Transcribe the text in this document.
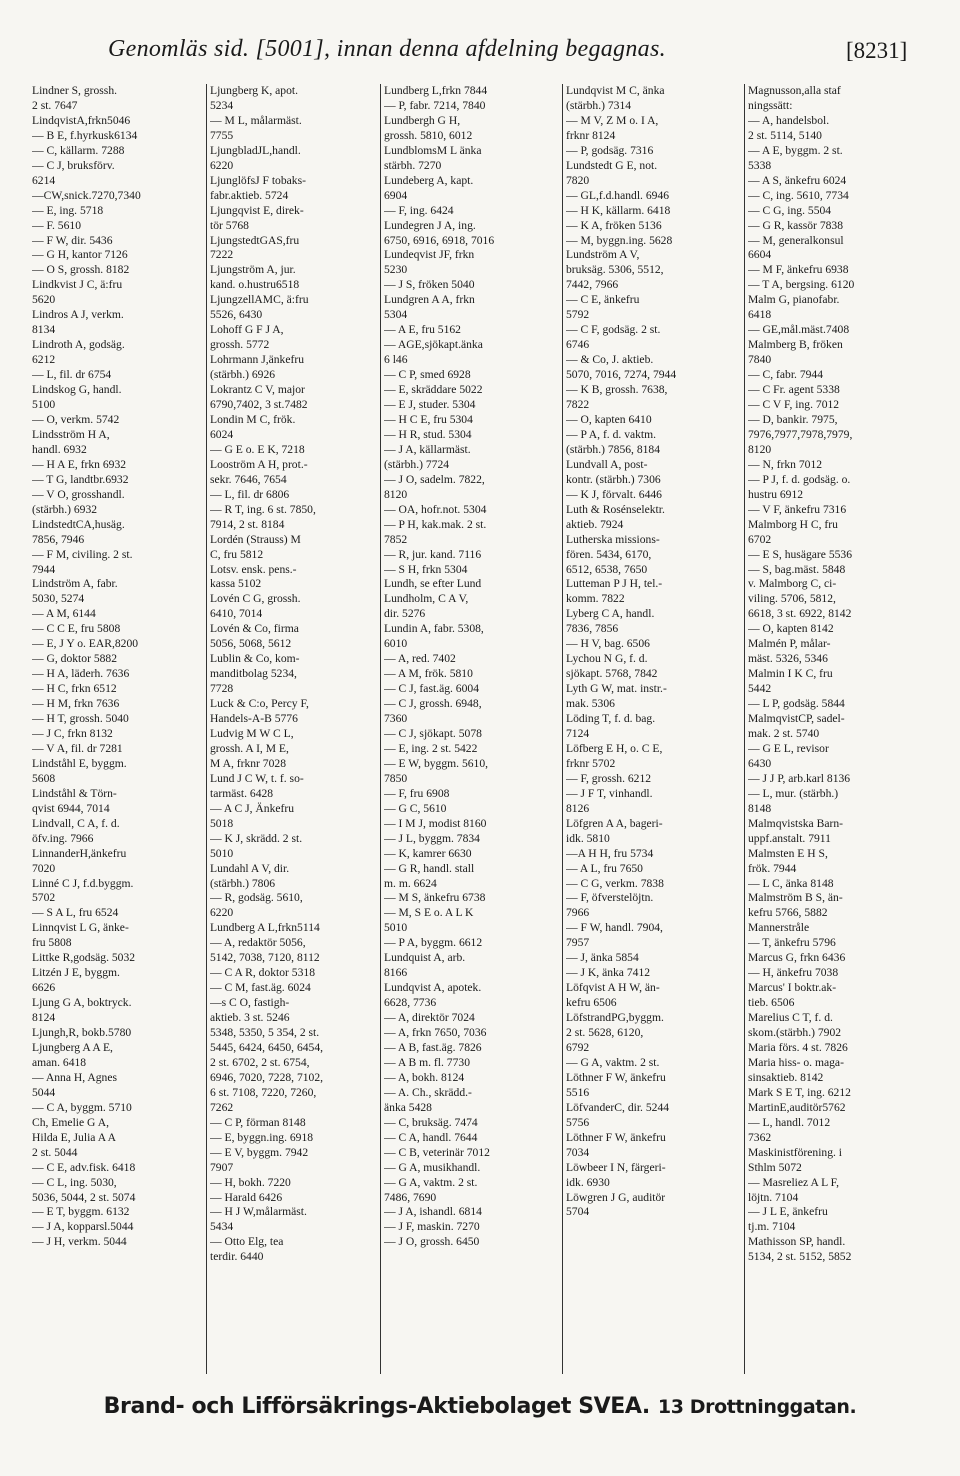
Genomläs sid. [5001], innan denna afdelning begagnas.	[8231]
Lindner S, grossh.
2 st. 7647
LindqvistA,frkn5046
— B E, f.hyrkusk6134
— C, källarm. 7288
— C J, bruksförv.
6214
—CW,snick.7270,7340
— E, ing. 5718
— F. 5610
— F W, dir. 5436
— G H, kantor 7126
— O S, grossh. 8182
Lindkvist J C, ä:fru
5620
Lindros A J, verkm.
8134
Lindroth A, godsäg.
6212
— L, fil. dr 6754
Lindskog G, handl.
5100
— O, verkm. 5742
Lindsström H A,
handl. 6932
— H A E, frkn 6932
— T G, landtbr.6932
— V O, grosshandl.
(stärbh.) 6932
LindstedtCA,husäg.
7856, 7946
— F M, civiling. 2 st.
7944
Lindström A, fabr.
5030, 5274
— A M, 6144
— C C E, fru 5808
— E, J Y o. EAR,8200
— G, doktor 5882
— H A, läderh. 7636
— H C, frkn 6512
— H M, frkn 7636
— H T, grossh. 5040
— J C, frkn 8132
— V A, fil. dr 7281
Lindståhl E, byggm.
5608
Lindståhl & Törn-
qvist 6944, 7014
Lindvall, C A, f. d.
öfv.ing. 7966
LinnanderH,änkefru
7020
Linné C J, f.d.byggm.
5702
— S A L, fru 6524
Linnqvist L G, änke-
fru 5808
Littke R,godsäg. 5032
Litzén J E, byggm.
6626
Ljung G A, boktryck.
8124
Ljungh,R, bokb.5780
Ljungberg A A E,
aman. 6418
— Anna H, Agnes
5044
— C A, byggm. 5710
Ch, Emelie G A,
Hilda E, Julia A A
2 st. 5044
— C E, adv.fisk. 6418
— C L, ing. 5030,
5036, 5044, 2 st. 5074
— E T, byggm. 6132
— J A, kopparsl.5044
— J H, verkm. 5044
Ljungberg K, apot.
5234
— M L, målarmäst.
7755
LjungbladJL,handl.
6220
LjunglöfsJ F tobaks-
fabr.aktieb. 5724
Ljungqvist E, direk-
tör 5768
LjungstedtGAS,fru
7222
Ljungström A, jur.
kand. o.hustru6518
LjungzellAMC, ä:fru
5526, 6430
Lohoff G F J A,
grossh. 5772
Lohrmann J,änkefru
(stärbh.) 6926
Lokrantz C V, major
6790,7402, 3 st.7482
Londin M C, frök.
6024
— G E o. E K, 7218
Looström A H, prot.-
sekr. 7646, 7654
— L, fil. dr 6806
— R T, ing. 6 st. 7850,
7914, 2 st. 8184
Lordén (Strauss) M
C, fru 5812
Lotsv. ensk. pens.-
kassa 5102
Lovén C G, grossh.
6410, 7014
Lovén & Co, firma
5056, 5068, 5612
Lublin & Co, kom-
manditbolag 5234,
7728
Luck & C:o, Percy F,
Handels-A-B 5776
Ludvig M W C L,
grossh. A I, M E,
M A, frknr 7028
Lund J C W, t. f. so-
tarmäst. 6428
— A C J, Änkefru
5018
— K J, skrädd. 2 st.
5010
Lundahl A V, dir.
(stärbh.) 7806
— R, godsäg. 5610,
6220
Lundberg A L,frkn5114
— A, redaktör 5056,
5142, 7038, 7120, 8112
— C A R, doktor 5318
— C M, fast.äg. 6024
—s C O, fastigh-
aktieb. 3 st. 5246
5348, 5350, 5 354, 2 st.
5445, 6424, 6450, 6454,
2 st. 6702, 2 st. 6754,
6946, 7020, 7228, 7102,
6 st. 7108, 7220, 7260,
7262
— C P, förman 8148
— E, byggn.ing. 6918
— E V, byggm. 7942
7907
— H, bokh. 7220
— Harald 6426
— H J W,målarmäst.
5434
— Otto Elg, tea
terdir. 6440
Lundberg L,frkn 7844
— P, fabr. 7214, 7840
Lundbergh G H,
grossh. 5810, 6012
LundblomsM L änka
stärbh. 7270
Lundeberg A, kapt.
6904
— F, ing. 6424
Lundegren J A, ing.
6750, 6916, 6918, 7016
Lundeqvist JF, frkn
5230
— J S, fröken 5040
Lundgren A A, frkn
5304
— A E, fru 5162
— AGE,sjökapt.änka
6 l46
— C P, smed 6928
— E, skräddare 5022
— E J, studer. 5304
— H C E, fru 5304
— H R, stud. 5304
— J A, källarmäst.
(stärbh.) 7724
— J O, sadelm. 7822,
8120
— OA, hofr.not. 5304
— P H, kak.mak. 2 st.
7852
— R, jur. kand. 7116
— S H, frkn 5304
Lundh, se efter Lund
Lundholm, C A V,
dir. 5276
Lundin A, fabr. 5308,
6010
— A, red. 7402
— A M, frök. 5810
— C J, fast.äg. 6004
— C J, grossh. 6948,
7360
— C J, sjökapt. 5078
— E, ing. 2 st. 5422
— E W, byggm. 5610,
7850
— F, fru 6908
— G C, 5610
— I M J, modist 8160
— J L, byggm. 7834
— K, kamrer 6630
— G R, handl. stall
m. m. 6624
— M S, änkefru 6738
— M, S E o. A L K
5010
— P A, byggm. 6612
Lundquist A, arb.
8166
Lundqvist A, apotek.
6628, 7736
— A, direktör 7024
— A, frkn 7650, 7036
— A B, fast.äg. 7826
— A B m. fl. 7730
— A, bokh. 8124
— A. Ch., skrädd.-
änka 5428
— C, bruksäg. 7474
— C A, handl. 7644
— C B, veterinär 7012
— G A, musikhandl.
— G A, vaktm. 2 st.
7486, 7690
— J A, ishandl. 6814
— J F, maskin. 7270
— J O, grossh. 6450
Lundqvist M C, änka
(stärbh.) 7314
— M V, Z M o. I A,
frknr 8124
— P, godsäg. 7316
Lundstedt G E, not.
7820
— GL,f.d.handl. 6946
— H K, källarm. 6418
— K A, fröken 5136
— M, byggn.ing. 5628
Lundström A V,
bruksäg. 5306, 5512,
7442, 7966
— C E, änkefru
5792
— C F, godsäg. 2 st.
6746
— & Co, J. aktieb.
5070, 7016, 7274, 7944
— K B, grossh. 7638,
7822
— O, kapten 6410
— P A, f. d. vaktm.
(stärbh.) 7856, 8184
Lundvall A, post-
kontr. (stärbh.) 7306
— K J, förvalt. 6446
Luth & Rosénselektr.
aktieb. 7924
Lutherska missions-
fören. 5434, 6170,
6512, 6538, 7650
Lutteman P J H, tel.-
komm. 7822
Lyberg C A, handl.
7836, 7856
— H V, bag. 6506
Lychou N G, f. d.
sjökapt. 5768, 7842
Lyth G W, mat. instr.-
mak. 5306
Löding T, f. d. bag.
7124
Löfberg E H, o. C E,
frknr 5702
— F, grossh. 6212
— J F T, vinhandl.
8126
Löfgren A A, bageri-
idk. 5810
—A H H, fru 5734
— A L, fru 7650
— C G, verkm. 7838
— F, öfverstelöjtn.
7966
— F W, handl. 7904,
7957
— J, änka 5854
— J K, änka 7412
Löfqvist A H W, än-
kefru 6506
LöfstrandPG,byggm.
2 st. 5628, 6120,
6792
— G A, vaktm. 2 st.
Löthner F W, änkefru
5516
LöfvanderC, dir. 5244
5756
Löthner F W, änkefru
7034
Löwbeer I N, färgeri-
idk. 6930
Löwgren J G, auditör
5704
Magnusson,alla staf
ningssätt:
— A, handelsbol.
2 st. 5114, 5140
— A E, byggm. 2 st.
5338
— A S, änkefru 6024
— C, ing. 5610, 7734
— C G, ing. 5504
— G R, kassör 7838
— M, generalkonsul
6604
— M F, änkefru 6938
— T A, bergsing. 6120
Malm G, pianofabr.
6418
— GE,mål.mäst.7408
Malmberg B, fröken
7840
— C, fabr. 7944
— C Fr. agent 5338
— C V F, ing. 7012
— D, bankir. 7975,
7976,7977,7978,7979,
8120
— N, frkn 7012
— P J, f. d. godsäg. o.
hustru 6912
— V F, änkefru 7316
Malmborg H C, fru
6702
— E S, husägare 5536
— S, bag.mäst. 5848
v. Malmborg C, ci-
viling. 5706, 5812,
6618, 3 st. 6922, 8142
— O, kapten 8142
Malmén P, målar-
mäst. 5326, 5346
Malmin I K C, fru
5442
— L P, godsäg. 5844
MalmqvistCP, sadel-
mak. 2 st. 5740
— G E L, revisor
6430
— J J P, arb.karl 8136
— L, mur. (stärbh.)
8148
Malmqvistska Barn-
uppf.anstalt. 7911
Malmsten E H S,
frök. 7944
— L C, änka 8148
Malmström B S, än-
kefru 5766, 5882
Mannerstråle
— T, änkefru 5796
Marcus G, frkn 6436
— H, änkefru 7038
Marcus' I boktr.ak-
tieb. 6506
Marelius C T, f. d.
skom.(stärbh.) 7902
Maria förs. 4 st. 7826
Maria hiss- o. maga-
sinsaktieb. 8142
Mark S E T, ing. 6212
MartinE,auditör5762
— L, handl. 7012
7362
Maskinistförening. i
Sthlm 5072
— Masreliez A L F,
löjtn. 7104
— J L E, änkefru
tj.m. 7104
Mathisson SP, handl.
5134, 2 st. 5152, 5852
Brand- och Lifförsäkrings-Aktiebolaget SVEA. 13 Drottninggatan.
